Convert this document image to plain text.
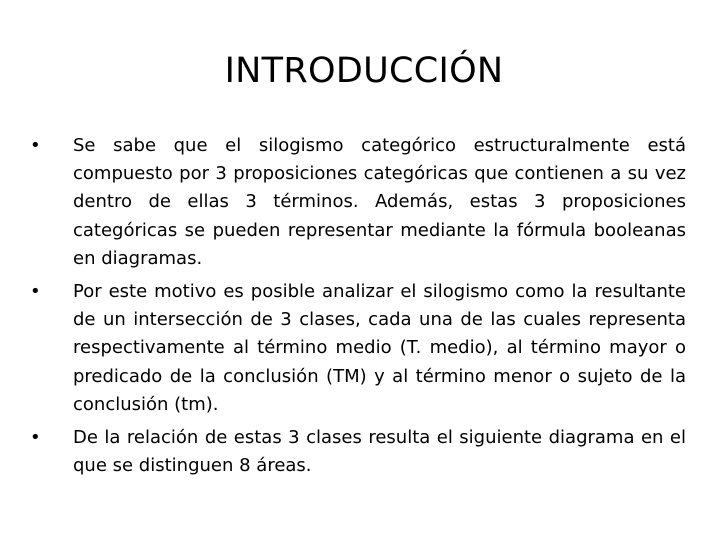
INTRODUCCIÓN
• Se sabe que el silogismo categórico estructuralmente está compuesto por 3 proposiciones categóricas que contienen a su vez dentro de ellas 3 términos. Además, estas 3 proposiciones categóricas se pueden representar mediante la fórmula booleanas en diagramas.
• Por este motivo es posible analizar el silogismo como la resultante de un intersección de 3 clases, cada una de las cuales representa respectivamente al término medio (T. medio), al término mayor o predicado de la conclusión (TM) y al término menor o sujeto de la conclusión (tm).
• De la relación de estas 3 clases resulta el siguiente diagrama en el que se distinguen 8 áreas.
